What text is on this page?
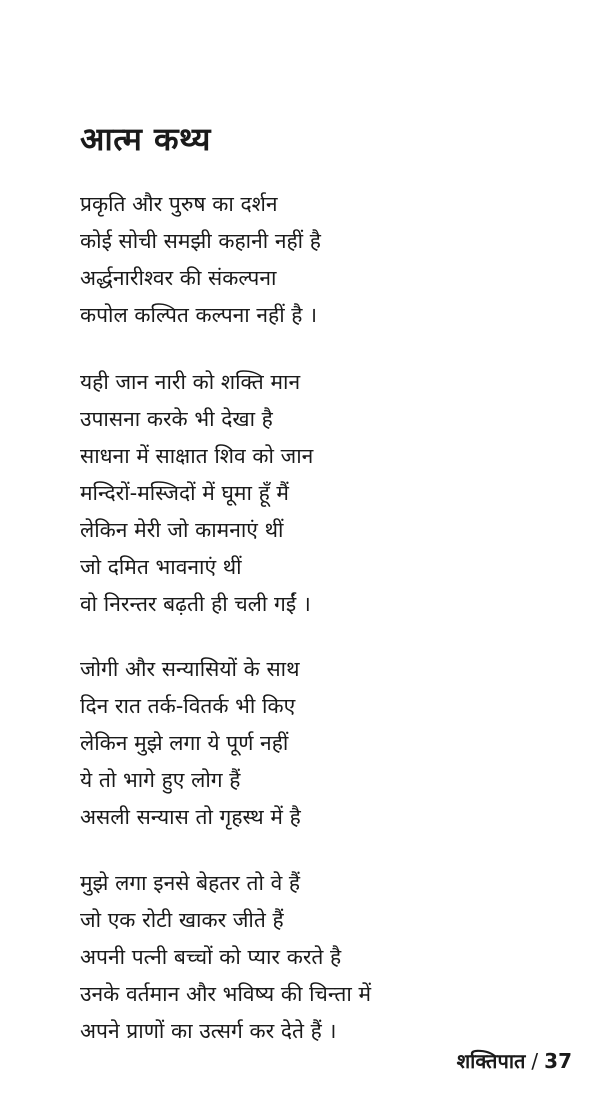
आत्म कथ्य
प्रकृति और पुरुष का दर्शन
कोई सोची समझी कहानी नहीं है
अर्द्धनारीश्वर की संकल्पना
कपोल कल्पित कल्पना नहीं है ।
यही जान नारी को शक्ति मान
उपासना करके भी देखा है
साधना में साक्षात शिव को जान
मन्दिरों-मस्जिदों में घूमा हूँ मैं
लेकिन मेरी जो कामनाएं थीं
जो दमित भावनाएं थीं
वो निरन्तर बढ़ती ही चली गईं ।
जोगी और सन्यासियों के साथ
दिन रात तर्क-वितर्क भी किए
लेकिन मुझे लगा ये पूर्ण नहीं
ये तो भागे हुए लोग हैं
असली सन्यास तो गृहस्थ में है
मुझे लगा इनसे बेहतर तो वे हैं
जो एक रोटी खाकर जीते हैं
अपनी पत्नी बच्चों को प्यार करते है
उनके वर्तमान और भविष्य की चिन्ता में
अपने प्राणों का उत्सर्ग कर देते हैं ।
शक्तिपात / 37
